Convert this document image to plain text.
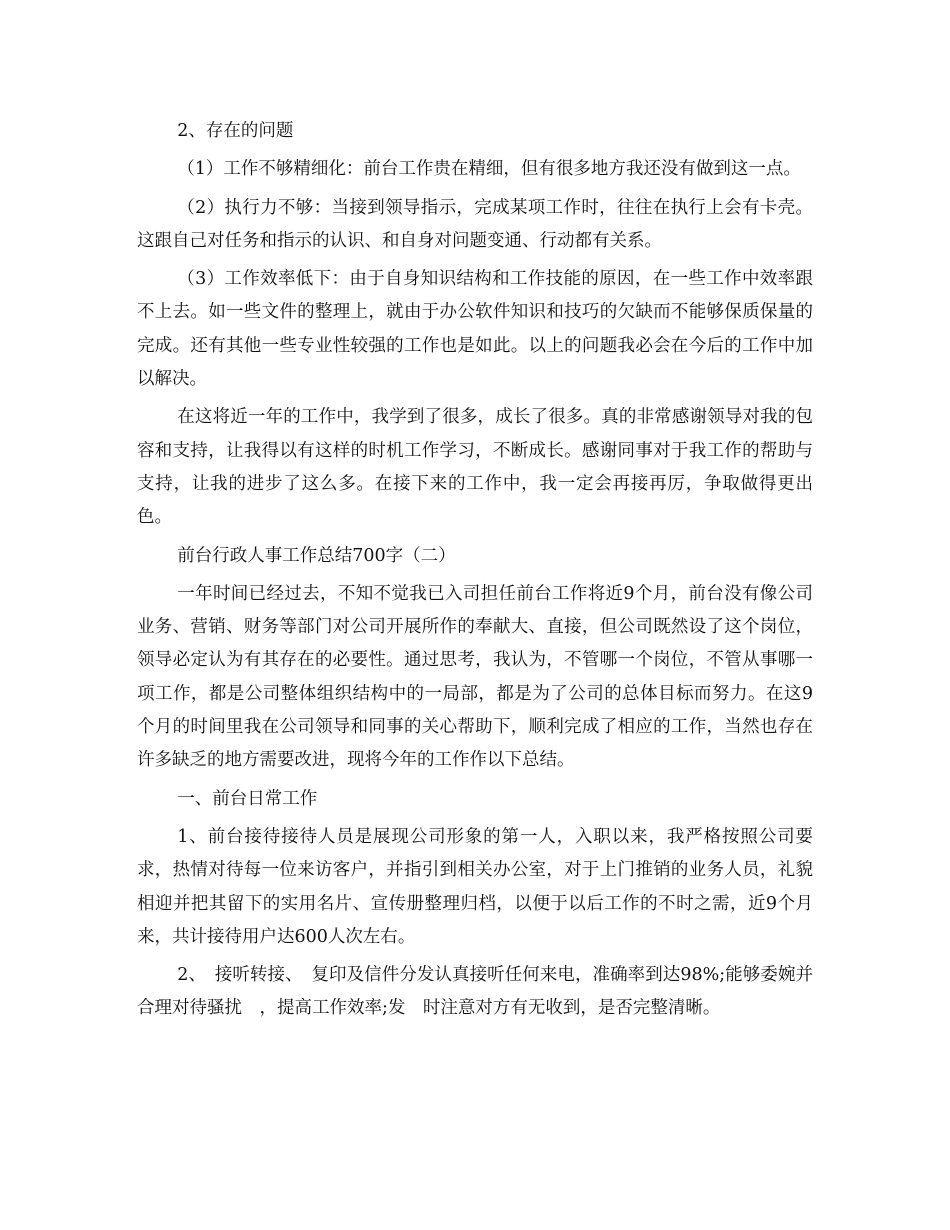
2、存在的问题

（1）工作不够精细化：前台工作贵在精细，但有很多地方我还没有做到这一点。

（2）执行力不够：当接到领导指示，完成某项工作时，往往在执行上会有卡壳。这跟自己对任务和指示的认识、和自身对问题变通、行动都有关系。

（3）工作效率低下：由于自身知识结构和工作技能的原因，在一些工作中效率跟不上去。如一些文件的整理上，就由于办公软件知识和技巧的欠缺而不能够保质保量的完成。还有其他一些专业性较强的工作也是如此。以上的问题我必会在今后的工作中加以解决。

在这将近一年的工作中，我学到了很多，成长了很多。真的非常感谢领导对我的包容和支持，让我得以有这样的时机工作学习，不断成长。感谢同事对于我工作的帮助与支持，让我的进步了这么多。在接下来的工作中，我一定会再接再厉，争取做得更出色。

前台行政人事工作总结700字（二）

一年时间已经过去，不知不觉我已入司担任前台工作将近9个月，前台没有像公司业务、营销、财务等部门对公司开展所作的奉献大、直接，但公司既然设了这个岗位，领导必定认为有其存在的必要性。通过思考，我认为，不管哪一个岗位，不管从事哪一项工作，都是公司整体组织结构中的一局部，都是为了公司的总体目标而努力。在这9个月的时间里我在公司领导和同事的关心帮助下，顺利完成了相应的工作，当然也存在许多缺乏的地方需要改进，现将今年的工作作以下总结。

一、前台日常工作

1、前台接待接待人员是展现公司形象的第一人，入职以来，我严格按照公司要求，热情对待每一位来访客户，并指引到相关办公室，对于上门推销的业务人员，礼貌相迎并把其留下的实用名片、宣传册整理归档，以便于以后工作的不时之需，近9个月来，共计接待用户达600人次左右。

2、　接听转接、　复印及信件分发认真接听任何来电，准确率到达98%;能够委婉并合理对待骚扰　，提高工作效率;发　时注意对方有无收到，是否完整清晰。
